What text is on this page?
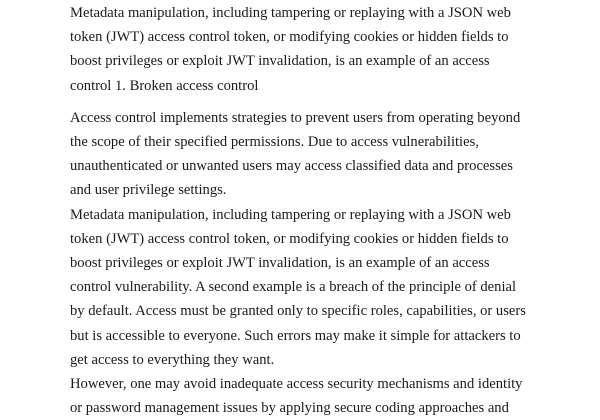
Metadata manipulation, including tampering or replaying with a JSON web
token (JWT) access control token, or modifying cookies or hidden fields to
boost privileges or exploit JWT invalidation, is an example of an access
control 1. Broken access control

Access control implements strategies to prevent users from operating beyond
the scope of their specified permissions. Due to access vulnerabilities,
unauthenticated or unwanted users may access classified data and processes
and user privilege settings.

Metadata manipulation, including tampering or replaying with a JSON web
token (JWT) access control token, or modifying cookies or hidden fields to
boost privileges or exploit JWT invalidation, is an example of an access
control vulnerability. A second example is a breach of the principle of denial
by default. Access must be granted only to specific roles, capabilities, or users
but is accessible to everyone. Such errors may make it simple for attackers to
get access to everything they want.

However, one may avoid inadequate access security mechanisms and identity
or password management issues by applying secure coding approaches and
